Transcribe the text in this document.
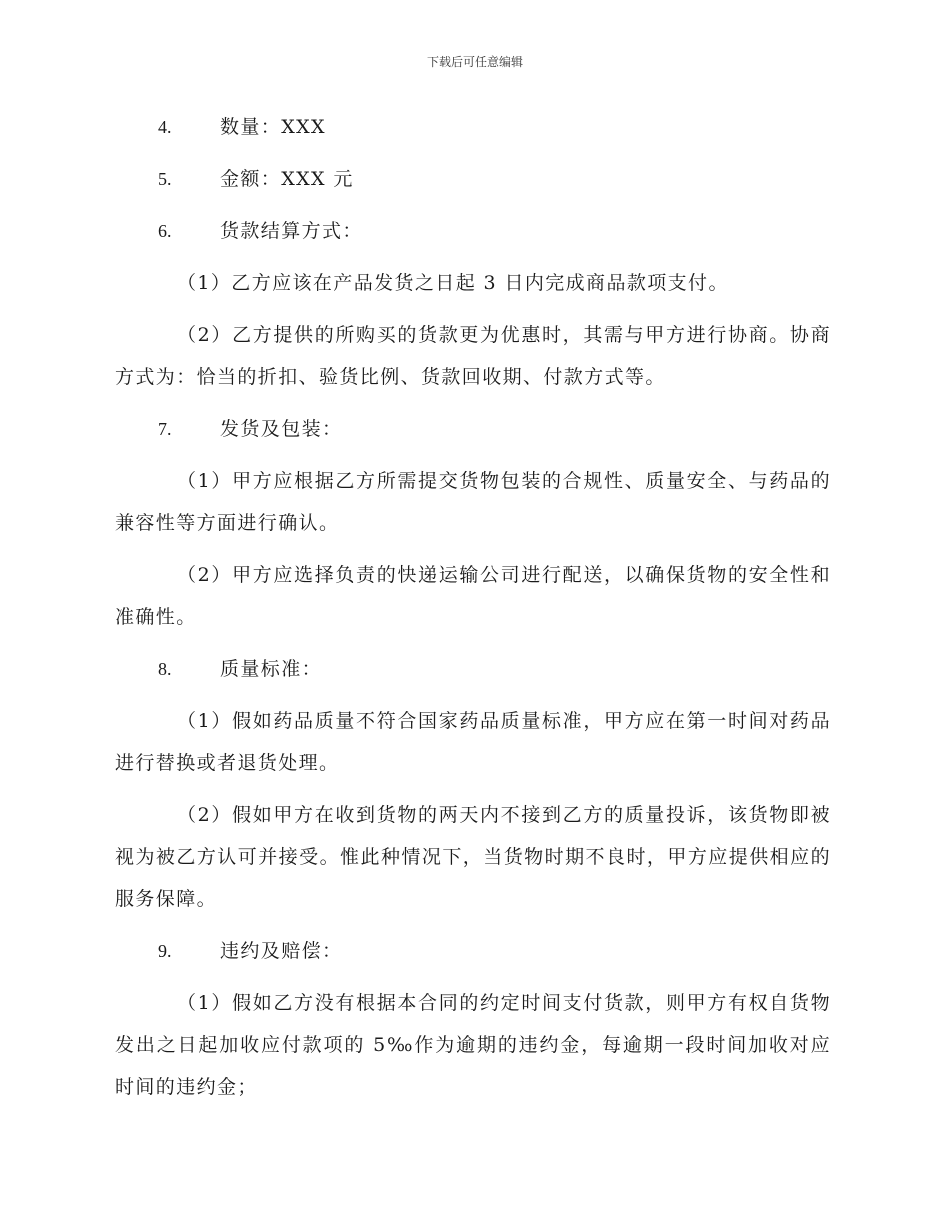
下载后可任意编辑
4.	数量：XXX
5.	金额：XXX 元
6.	货款结算方式：

（1）乙方应该在产品发货之日起 3 日内完成商品款项支付。

（2）乙方提供的所购买的货款更为优惠时，其需与甲方进行协商。协商方式为：恰当的折扣、验货比例、货款回收期、付款方式等。

7.	发货及包装：

（1）甲方应根据乙方所需提交货物包装的合规性、质量安全、与药品的兼容性等方面进行确认。

（2）甲方应选择负责的快递运输公司进行配送，以确保货物的安全性和准确性。

8.	质量标准：

（1）假如药品质量不符合国家药品质量标准，甲方应在第一时间对药品进行替换或者退货处理。

（2）假如甲方在收到货物的两天内不接到乙方的质量投诉，该货物即被视为被乙方认可并接受。惟此种情况下，当货物时期不良时，甲方应提供相应的服务保障。

9.	违约及赔偿：

（1）假如乙方没有根据本合同的约定时间支付货款，则甲方有权自货物发出之日起加收应付款项的 5‰作为逾期的违约金，每逾期一段时间加收对应时间的违约金；
